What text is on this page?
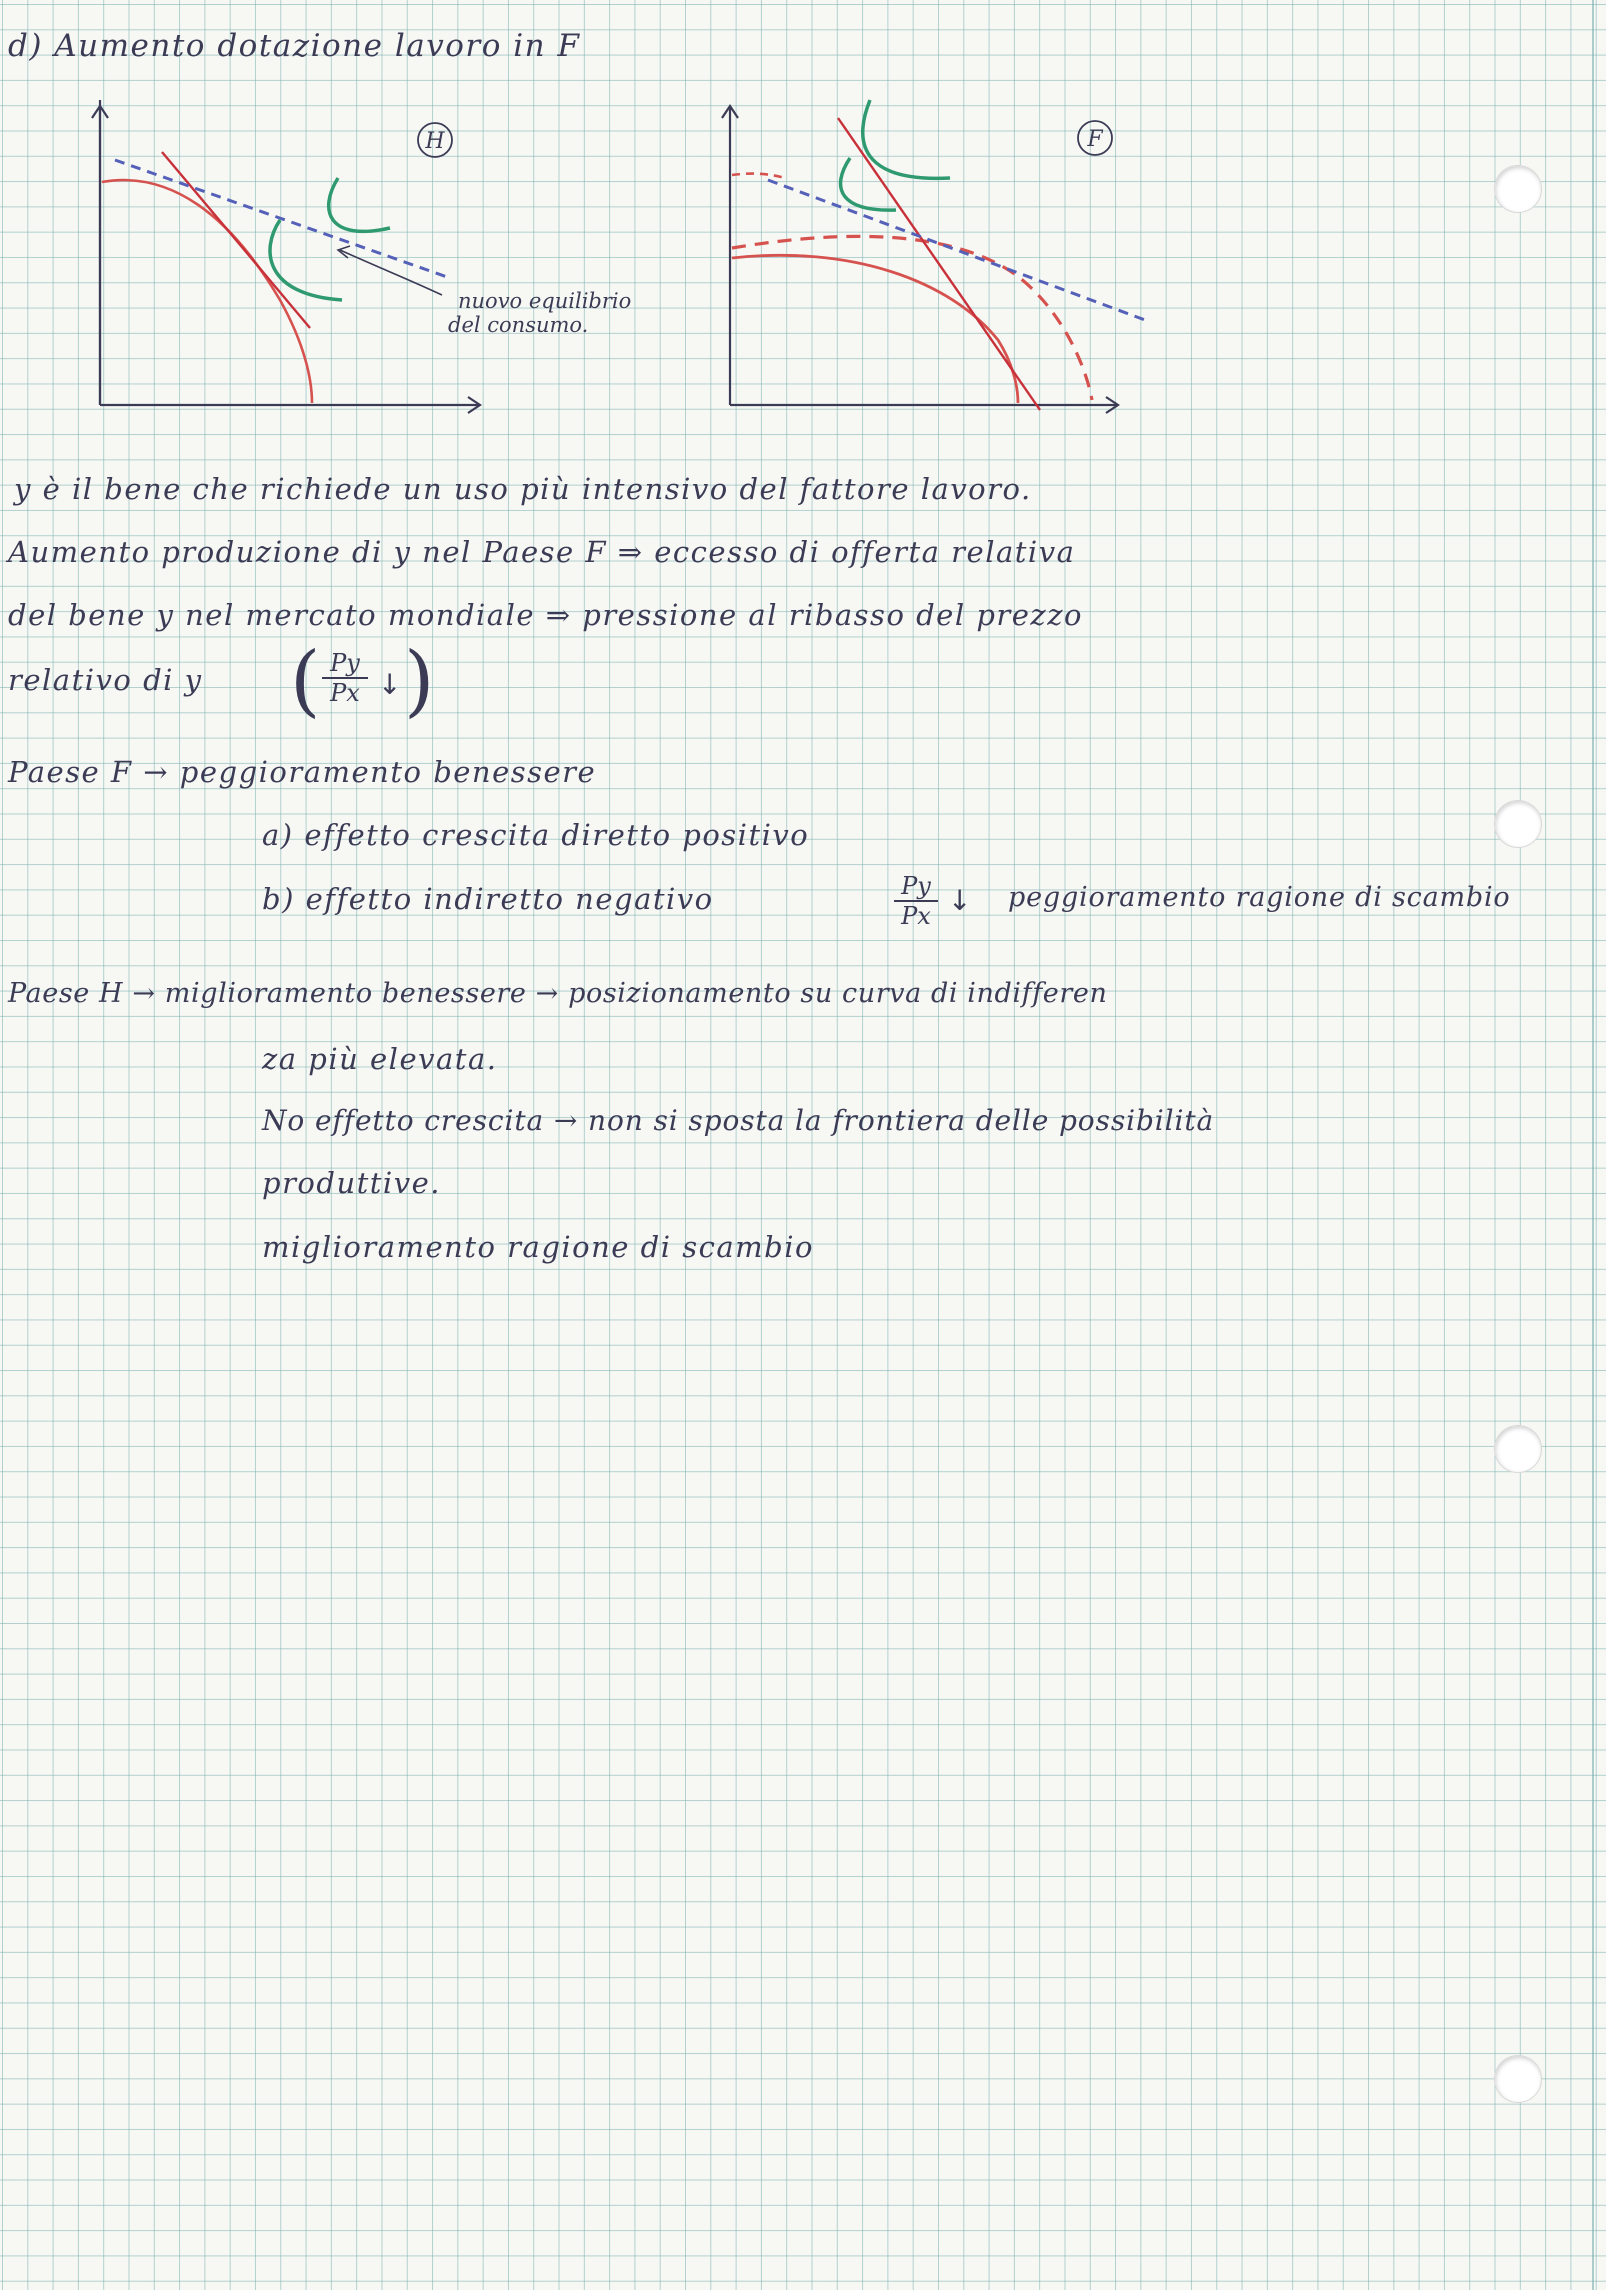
d) Aumento dotazione lavoro in F
H
nuovo equilibrio
del consumo.
F
y è il bene che richiede un uso più intensivo del fattore lavoro.
Aumento produzione di y nel Paese F ⇒ eccesso di offerta relativa
del bene y nel mercato mondiale ⇒ pressione al ribasso del prezzo
relativo di y ( Py
Px ↓ )
Paese F → peggioramento benessere
a) effetto crescita diretto positivo
b) effetto indiretto negativo	Py
Px ↓ peggioramento ragione di scambio
Paese H → miglioramento benessere → posizionamento su curva di indifferen
za più elevata.
No effetto crescita → non si sposta la frontiera delle possibilità
produttive.
miglioramento ragione di scambio
